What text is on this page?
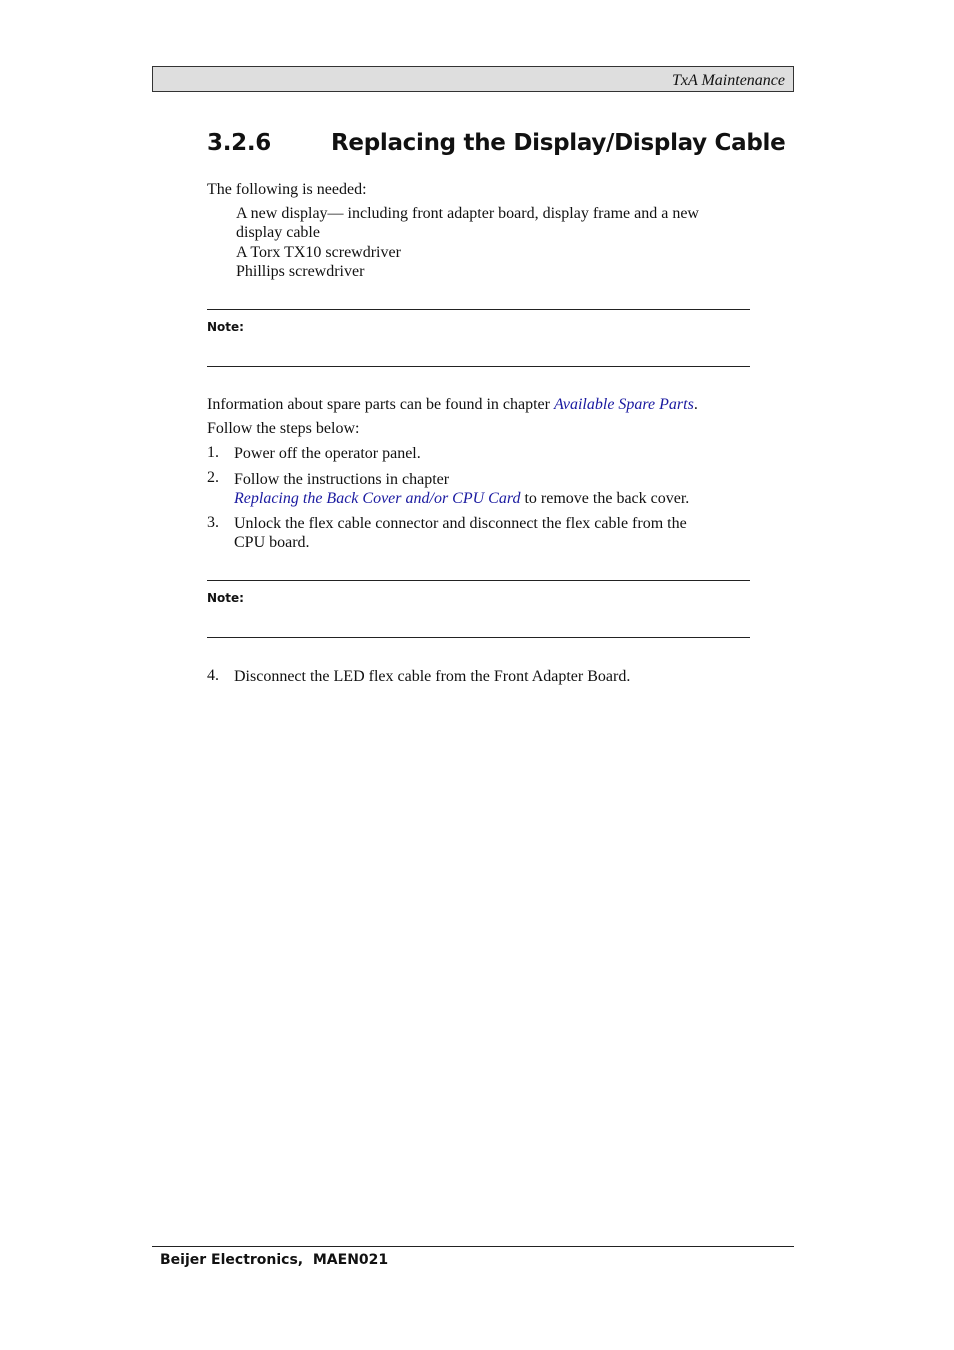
TxA Maintenance
3.2.6	Replacing the Display/Display Cable
The following is needed:
A new display— including front adapter board, display frame and a new
display cable
A Torx TX10 screwdriver
Phillips screwdriver
Note:
Information about spare parts can be found in chapter Available Spare Parts.
Follow the steps below:
1. Power off the operator panel.
2. Follow the instructions in chapter
Replacing the Back Cover and/or CPU Card to remove the back cover.
3. Unlock the flex cable connector and disconnect the flex cable from the
CPU board.
Note:
4. Disconnect the LED flex cable from the Front Adapter Board.
Beijer Electronics, MAEN021
